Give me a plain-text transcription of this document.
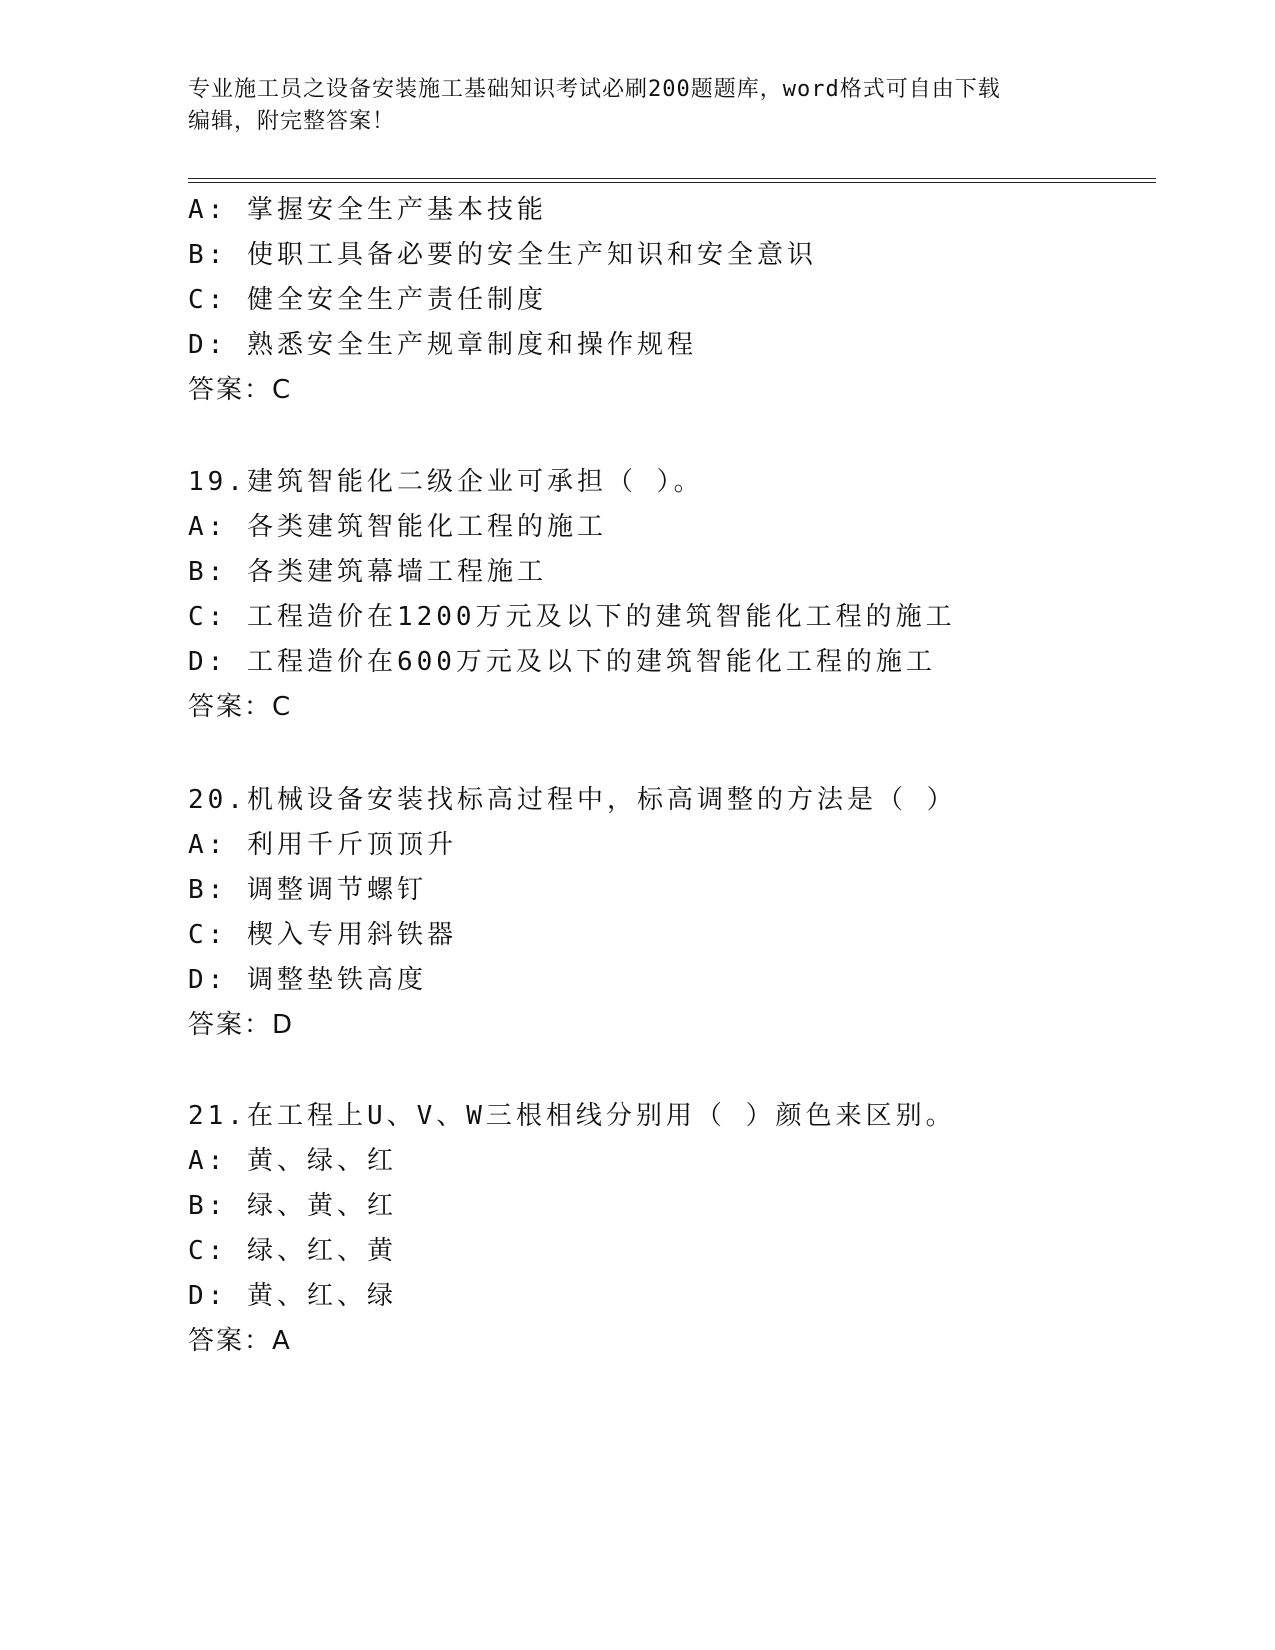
专业施工员之设备安装施工基础知识考试必刷200题题库，word格式可自由下载
编辑，附完整答案！
A: 掌握安全生产基本技能
B: 使职工具备必要的安全生产知识和安全意识
C: 健全安全生产责任制度
D: 熟悉安全生产规章制度和操作规程
答案：C
19.建筑智能化二级企业可承担（ ）。
A: 各类建筑智能化工程的施工
B: 各类建筑幕墙工程施工
C: 工程造价在1200万元及以下的建筑智能化工程的施工
D: 工程造价在600万元及以下的建筑智能化工程的施工
答案：C
20.机械设备安装找标高过程中，标高调整的方法是（ ）
A: 利用千斤顶顶升
B: 调整调节螺钉
C: 楔入专用斜铁器
D: 调整垫铁高度
答案：D
21.在工程上U、V、W三根相线分别用（ ）颜色来区别。
A: 黄、绿、红
B: 绿、黄、红
C: 绿、红、黄
D: 黄、红、绿
答案：A
